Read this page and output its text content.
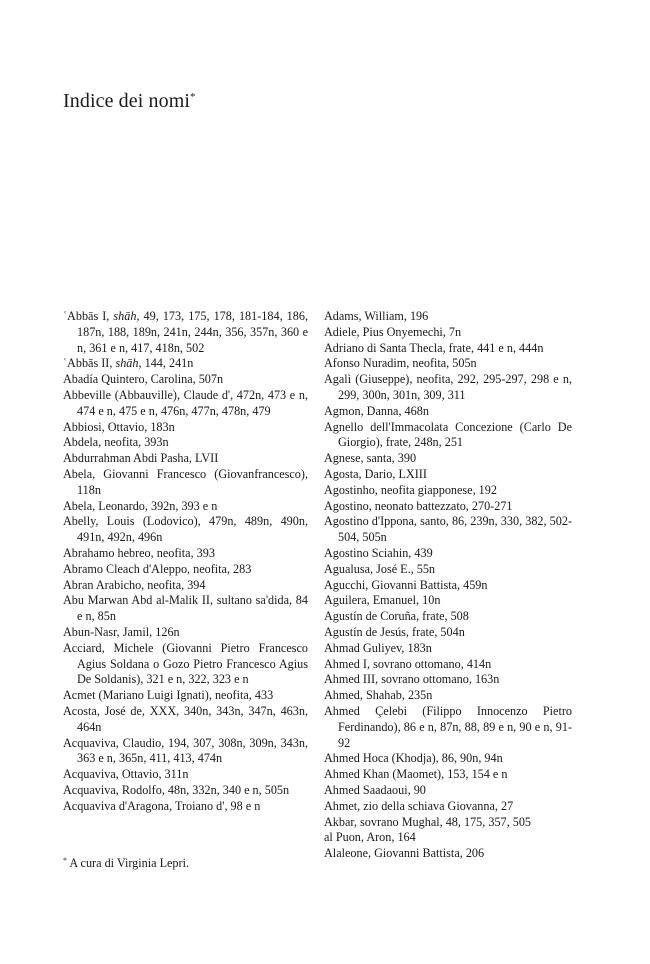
Indice dei nomi*
ʿAbbās I, shāh, 49, 173, 175, 178, 181-184, 186, 187n, 188, 189n, 241n, 244n, 356, 357n, 360 e n, 361 e n, 417, 418n, 502
ʿAbbās II, shāh, 144, 241n
Abadía Quintero, Carolina, 507n
Abbeville (Abbauville), Claude d', 472n, 473 e n, 474 e n, 475 e n, 476n, 477n, 478n, 479
Abbiosi, Ottavio, 183n
Abdela, neofita, 393n
Abdurrahman Abdi Pasha, LVII
Abela, Giovanni Francesco (Giovanfrancesco), 118n
Abela, Leonardo, 392n, 393 e n
Abelly, Louis (Lodovico), 479n, 489n, 490n, 491n, 492n, 496n
Abrahamo hebreo, neofita, 393
Abramo Cleach d'Aleppo, neofita, 283
Abran Arabicho, neofita, 394
Abu Marwan Abd al-Malik II, sultano sa'dida, 84 e n, 85n
Abun-Nasr, Jamil, 126n
Acciard, Michele (Giovanni Pietro Francesco Agius Soldana o Gozo Pietro Francesco Agius De Soldanis), 321 e n, 322, 323 e n
Acmet (Mariano Luigi Ignati), neofita, 433
Acosta, José de, XXX, 340n, 343n, 347n, 463n, 464n
Acquaviva, Claudio, 194, 307, 308n, 309n, 343n, 363 e n, 365n, 411, 413, 474n
Acquaviva, Ottavio, 311n
Acquaviva, Rodolfo, 48n, 332n, 340 e n, 505n
Acquaviva d'Aragona, Troiano d', 98 e n
Adams, William, 196
Adiele, Pius Onyemechi, 7n
Adriano di Santa Thecla, frate, 441 e n, 444n
Afonso Nuradim, neofita, 505n
Agalì (Giuseppe), neofita, 292, 295-297, 298 e n, 299, 300n, 301n, 309, 311
Agmon, Danna, 468n
Agnello dell'Immacolata Concezione (Carlo De Giorgio), frate, 248n, 251
Agnese, santa, 390
Agosta, Dario, LXIII
Agostinho, neofita giapponese, 192
Agostino, neonato battezzato, 270-271
Agostino d'Ippona, santo, 86, 239n, 330, 382, 502-504, 505n
Agostino Sciahin, 439
Agualusa, José E., 55n
Agucchi, Giovanni Battista, 459n
Aguilera, Emanuel, 10n
Agustín de Coruña, frate, 508
Agustín de Jesús, frate, 504n
Ahmad Guliyev, 183n
Ahmed I, sovrano ottomano, 414n
Ahmed III, sovrano ottomano, 163n
Ahmed, Shahab, 235n
Ahmed Çelebi (Filippo Innocenzo Pietro Ferdinando), 86 e n, 87n, 88, 89 e n, 90 e n, 91-92
Ahmed Hoca (Khodja), 86, 90n, 94n
Ahmed Khan (Maomet), 153, 154 e n
Ahmed Saadaoui, 90
Ahmet, zio della schiava Giovanna, 27
Akbar, sovrano Mughal, 48, 175, 357, 505
al Puon, Aron, 164
Alaleone, Giovanni Battista, 206
* A cura di Virginia Lepri.
